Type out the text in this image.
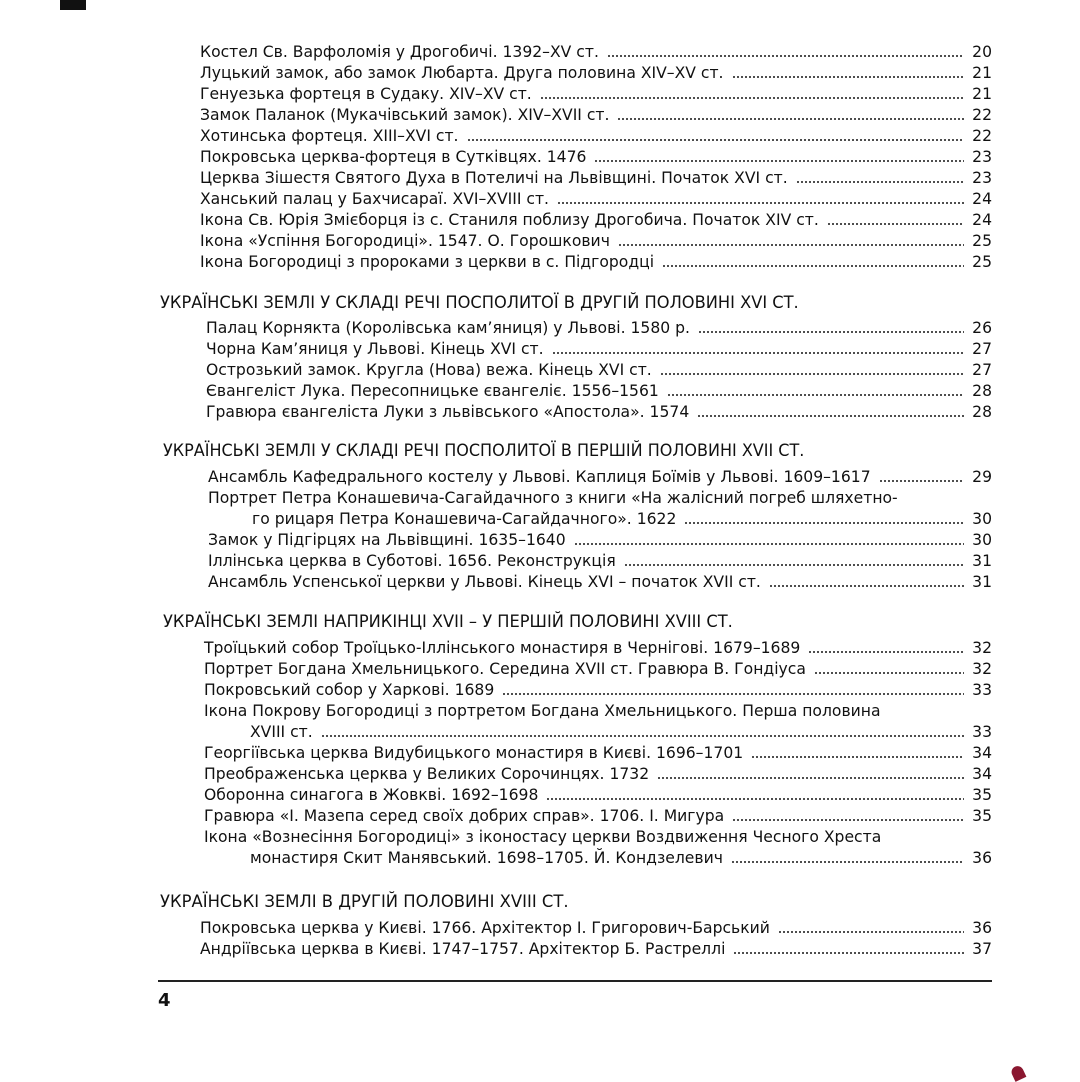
Костел Св. Варфоломія у Дрогобичі. 1392–XV ст.	20
Луцький замок, або замок Любарта. Друга половина XIV–XV ст.	21
Генуезька фортеця в Судаку. XIV–XV ст.	21
Замок Паланок (Мукачівський замок). XIV–XVII ст.	22
Хотинська фортеця. XIII–XVI ст.	22
Покровська церква-фортеця в Сутківцях. 1476	23
Церква Зішестя Святого Духа в Потеличі на Львівщині. Початок XVI ст.	23
Ханський палац у Бахчисараї. XVI–XVIII ст.	24
Ікона Св. Юрія Змієборця із с. Станиля поблизу Дрогобича. Початок XIV ст.	24
Ікона «Успіння Богородиці». 1547. О. Горошкович	25
Ікона Богородиці з пророками з церкви в с. Підгородці	25
УКРАЇНСЬКІ ЗЕМЛІ У СКЛАДІ РЕЧІ ПОСПОЛИТОЇ В ДРУГІЙ ПОЛОВИНІ XVI СТ.
Палац Корнякта (Королівська кам’яниця) у Львові. 1580 р.	26
Чорна Кам’яниця у Львові. Кінець XVI ст.	27
Острозький замок. Кругла (Нова) вежа. Кінець XVI ст.	27
Євангеліст Лука. Пересопницьке євангеліє. 1556–1561	28
Гравюра євангеліста Луки з львівського «Апостола». 1574	28
УКРАЇНСЬКІ ЗЕМЛІ У СКЛАДІ РЕЧІ ПОСПОЛИТОЇ В ПЕРШІЙ ПОЛОВИНІ XVII СТ.
Ансамбль Кафедрального костелу у Львові. Каплиця Боїмів у Львові. 1609–1617	29
Портрет Петра Конашевича-Сагайдачного з книги «На жалісний погреб шляхетно-
го рицаря Петра Конашевича-Сагайдачного». 1622	30
Замок у Підгірцях на Львівщині. 1635–1640	30
Іллінська церква в Суботові. 1656. Реконструкція	31
Ансамбль Успенської церкви у Львові. Кінець XVI – початок XVII ст.	31
УКРАЇНСЬКІ ЗЕМЛІ НАПРИКІНЦІ XVII – У ПЕРШІЙ ПОЛОВИНІ XVIII СТ.
Троїцький собор Троїцько-Іллінського монастиря в Чернігові. 1679–1689	32
Портрет Богдана Хмельницького. Середина XVII ст. Гравюра В. Гондіуса	32
Покровський собор у Харкові. 1689	33
Ікона Покрову Богородиці з портретом Богдана Хмельницького. Перша половина
XVIII ст.	33
Георгіївська церква Видубицького монастиря в Києві. 1696–1701	34
Преображенська церква у Великих Сорочинцях. 1732	34
Оборонна синагога в Жовкві. 1692–1698	35
Гравюра «І. Мазепа серед своїх добрих справ». 1706. І. Мигура	35
Ікона «Вознесіння Богородиці» з іконостасу церкви Воздвиження Чесного Хреста
монастиря Скит Манявський. 1698–1705. Й. Кондзелевич	36
УКРАЇНСЬКІ ЗЕМЛІ В ДРУГІЙ ПОЛОВИНІ XVIII СТ.
Покровська церква у Києві. 1766. Архітектор І. Григорович-Барський	36
Андріївська церква в Києві. 1747–1757. Архітектор Б. Растреллі	37
4
